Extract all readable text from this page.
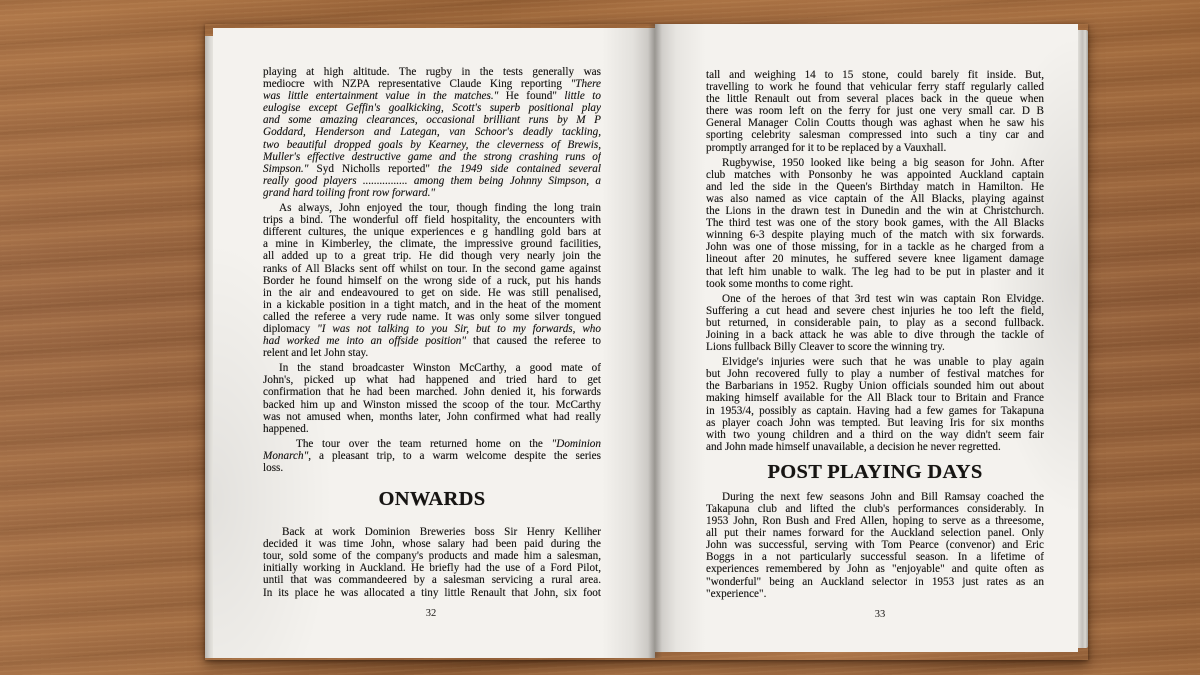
playing at high altitude. The rugby in the tests generally was
mediocre with NZPA representative Claude King reporting "There
was little entertainment value in the matches." He found" little to
eulogise except Geffin's goalkicking, Scott's superb positional play
and some amazing clearances, occasional brilliant runs by M P
Goddard, Henderson and Lategan, van Schoor's deadly tackling,
two beautiful dropped goals by Kearney, the cleverness of Brewis,
Muller's effective destructive game and the strong crashing runs of
Simpson." Syd Nicholls reported" the 1949 side contained several
really good players ................ among them being Johnny Simpson, a
grand hard toiling front row forward."
As always, John enjoyed the tour, though finding the long train
trips a bind. The wonderful off field hospitality, the encounters with
different cultures, the unique experiences e g handling gold bars at
a mine in Kimberley, the climate, the impressive ground facilities,
all added up to a great trip. He did though very nearly join the
ranks of All Blacks sent off whilst on tour. In the second game against
Border he found himself on the wrong side of a ruck, put his hands
in the air and endeavoured to get on side. He was still penalised,
in a kickable position in a tight match, and in the heat of the moment
called the referee a very rude name. It was only some silver tongued
diplomacy "I was not talking to you Sir, but to my forwards, who
had worked me into an offside position" that caused the referee to
relent and let John stay.
In the stand broadcaster Winston McCarthy, a good mate of
John's, picked up what had happened and tried hard to get
confirmation that he had been marched. John denied it, his forwards
backed him up and Winston missed the scoop of the tour. McCarthy
was not amused when, months later, John confirmed what had really
happened.
The tour over the team returned home on the "Dominion
Monarch", a pleasant trip, to a warm welcome despite the series
loss.
ONWARDS
Back at work Dominion Breweries boss Sir Henry Kelliher
decided it was time John, whose salary had been paid during the
tour, sold some of the company's products and made him a salesman,
initially working in Auckland. He briefly had the use of a Ford Pilot,
until that was commandeered by a salesman servicing a rural area.
In its place he was allocated a tiny little Renault that John, six foot
32
tall and weighing 14 to 15 stone, could barely fit inside. But,
travelling to work he found that vehicular ferry staff regularly called
the little Renault out from several places back in the queue when
there was room left on the ferry for just one very small car. D B
General Manager Colin Coutts though was aghast when he saw his
sporting celebrity salesman compressed into such a tiny car and
promptly arranged for it to be replaced by a Vauxhall.
Rugbywise, 1950 looked like being a big season for John. After
club matches with Ponsonby he was appointed Auckland captain
and led the side in the Queen's Birthday match in Hamilton. He
was also named as vice captain of the All Blacks, playing against
the Lions in the drawn test in Dunedin and the win at Christchurch.
The third test was one of the story book games, with the All Blacks
winning 6-3 despite playing much of the match with six forwards.
John was one of those missing, for in a tackle as he charged from a
lineout after 20 minutes, he suffered severe knee ligament damage
that left him unable to walk. The leg had to be put in plaster and it
took some months to come right.
One of the heroes of that 3rd test win was captain Ron Elvidge.
Suffering a cut head and severe chest injuries he too left the field,
but returned, in considerable pain, to play as a second fullback.
Joining in a back attack he was able to dive through the tackle of
Lions fullback Billy Cleaver to score the winning try.
Elvidge's injuries were such that he was unable to play again
but John recovered fully to play a number of festival matches for
the Barbarians in 1952. Rugby Union officials sounded him out about
making himself available for the All Black tour to Britain and France
in 1953/4, possibly as captain. Having had a few games for Takapuna
as player coach John was tempted. But leaving Iris for six months
with two young children and a third on the way didn't seem fair
and John made himself unavailable, a decision he never regretted.
POST PLAYING DAYS
During the next few seasons John and Bill Ramsay coached the
Takapuna club and lifted the club's performances considerably. In
1953 John, Ron Bush and Fred Allen, hoping to serve as a threesome,
all put their names forward for the Auckland selection panel. Only
John was successful, serving with Tom Pearce (convenor) and Eric
Boggs in a not particularly successful season. In a lifetime of
experiences remembered by John as "enjoyable" and quite often as
"wonderful" being an Auckland selector in 1953 just rates as an
"experience".
33
